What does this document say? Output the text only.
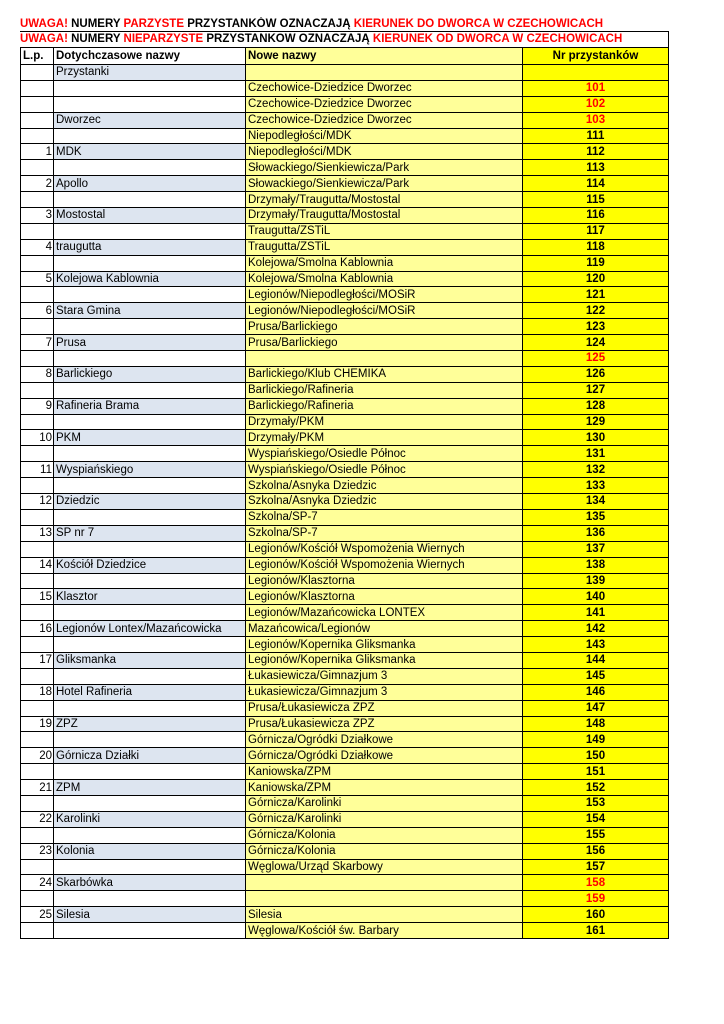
UWAGA! NUMERY PARZYSTE PRZYSTANKÓW OZNACZAJĄ KIERUNEK DO DWORCA W CZECHOWICACH
UWAGA! NUMERY NIEPARZYSTE PRZYSTANKOW OZNACZAJĄ KIERUNEK OD DWORCA W CZECHOWICACH
L.p.	Dotychczasowe nazwy	Nowe nazwy	Nr przystanków
	Przystanki		
		Czechowice-Dziedzice Dworzec	101
		Czechowice-Dziedzice Dworzec	102
	Dworzec	Czechowice-Dziedzice Dworzec	103
		Niepodległości/MDK	111
1	MDK	Niepodległości/MDK	112
		Słowackiego/Sienkiewicza/Park	113
2	Apollo	Słowackiego/Sienkiewicza/Park	114
		Drzymały/Traugutta/Mostostal	115
3	Mostostal	Drzymały/Traugutta/Mostostal	116
		Traugutta/ZSTiL	117
4	traugutta	Traugutta/ZSTiL	118
		Kolejowa/Smolna Kablownia	119
5	Kolejowa Kablownia	Kolejowa/Smolna Kablownia	120
		Legionów/Niepodległości/MOSiR	121
6	Stara Gmina	Legionów/Niepodległości/MOSiR	122
		Prusa/Barlickiego	123
7	Prusa	Prusa/Barlickiego	124
			125
8	Barlickiego	Barlickiego/Klub CHEMIKA	126
		Barlickiego/Rafineria	127
9	Rafineria Brama	Barlickiego/Rafineria	128
		Drzymały/PKM	129
10	PKM	Drzymały/PKM	130
		Wyspiańskiego/Osiedle Północ	131
11	Wyspiańskiego	Wyspiańskiego/Osiedle Północ	132
		Szkolna/Asnyka Dziedzic	133
12	Dziedzic	Szkolna/Asnyka Dziedzic	134
		Szkolna/SP-7	135
13	SP nr 7	Szkolna/SP-7	136
		Legionów/Kościół Wspomożenia Wiernych	137
14	Kościół Dziedzice	Legionów/Kościół Wspomożenia Wiernych	138
		Legionów/Klasztorna	139
15	Klasztor	Legionów/Klasztorna	140
		Legionów/Mazańcowicka LONTEX	141
16	Legionów Lontex/Mazańcowicka	Mazańcowica/Legionów	142
		Legionów/Kopernika Gliksmanka	143
17	Gliksmanka	Legionów/Kopernika Gliksmanka	144
		Łukasiewicza/Gimnazjum 3	145
18	Hotel Rafineria	Łukasiewicza/Gimnazjum 3	146
		Prusa/Łukasiewicza ZPZ	147
19	ZPZ	Prusa/Łukasiewicza ZPZ	148
		Górnicza/Ogródki Działkowe	149
20	Górnicza Działki	Górnicza/Ogródki Działkowe	150
		Kaniowska/ZPM	151
21	ZPM	Kaniowska/ZPM	152
		Górnicza/Karolinki	153
22	Karolinki	Górnicza/Karolinki	154
		Górnicza/Kolonia	155
23	Kolonia	Górnicza/Kolonia	156
		Węglowa/Urząd Skarbowy	157
24	Skarbówka		158
			159
25	Silesia	Silesia	160
		Węglowa/Kościół św. Barbary	161
